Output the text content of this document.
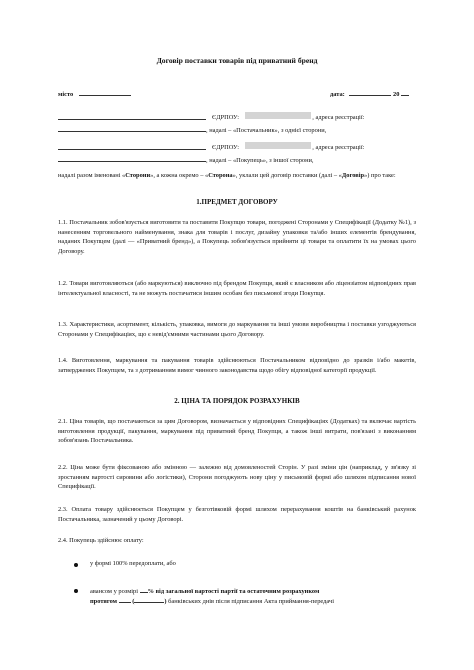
Договір поставки товарів під приватний бренд
місто	дата:	20
ЄДРПОУ:	, адреса реєстрації:
, надалі – «Постачальник», з однієї сторони,
ЄДРПОУ:	, адреса реєстрації:
, надалі – «Покупець», з іншої сторони,
надалі разом іменовані «Сторони», а кожна окремо – «Сторона», уклали цей договір поставки (далі – «Договір») про таке:
1.ПРЕДМЕТ ДОГОВОРУ
1.1. Постачальник зобов'язується виготовити та поставити Покупцю товари, погоджені Сторонами у Специфікації (Додатку №1), з нанесенням торговельного найменування, знака для товарів і послуг, дизайну упаковки та/або інших елементів брендування, наданих Покупцем (далі — «Приватний бренд»), а Покупець зобов'язується прийняти ці товари та оплатити їх на умовах цього Договору.
1.2. Товари виготовляються (або маркуються) виключно під брендом Покупця, який є власником або ліцензіатом відповідних прав інтелектуальної власності, та не можуть постачатися іншим особам без письмової згоди Покупця.
1.3. Характеристики, асортимент, кількість, упаковка, вимоги до маркування та інші умови виробництва і поставки узгоджуються Сторонами у Специфікаціях, що є невід'ємними частинами цього Договору.
1.4. Виготовлення, маркування та пакування товарів здійснюються Постачальником відповідно до зразків і/або макетів, затверджених Покупцем, та з дотриманням вимог чинного законодавства щодо обігу відповідної категорії продукції.
2. ЦІНА ТА ПОРЯДОК РОЗРАХУНКІВ
2.1. Ціна товарів, що постачаються за цим Договором, визначається у відповідних Специфікаціях (Додатках) та включає вартість виготовлення продукції, пакування, маркування під приватний бренд Покупця, а також інші витрати, пов'язані з виконанням зобов'язань Постачальника.
2.2. Ціна може бути фіксованою або змінною — залежно від домовленостей Сторін. У разі зміни цін (наприклад, у зв'язку зі зростанням вартості сировини або логістики), Сторони погоджують нову ціну у письмовій формі або шляхом підписання нової Специфікації.
2.3. Оплата товару здійснюється Покупцем у безготівковій формі шляхом перерахування коштів на банківський рахунок Постачальника, зазначений у цьому Договорі.
2.4. Покупець здійснює оплату:
у формі 100% передоплати, або
авансом у розмірі % від загальної вартості партії та остаточним розрахунком
протягом (	) банківських днів після підписання Акта приймання-передачі
